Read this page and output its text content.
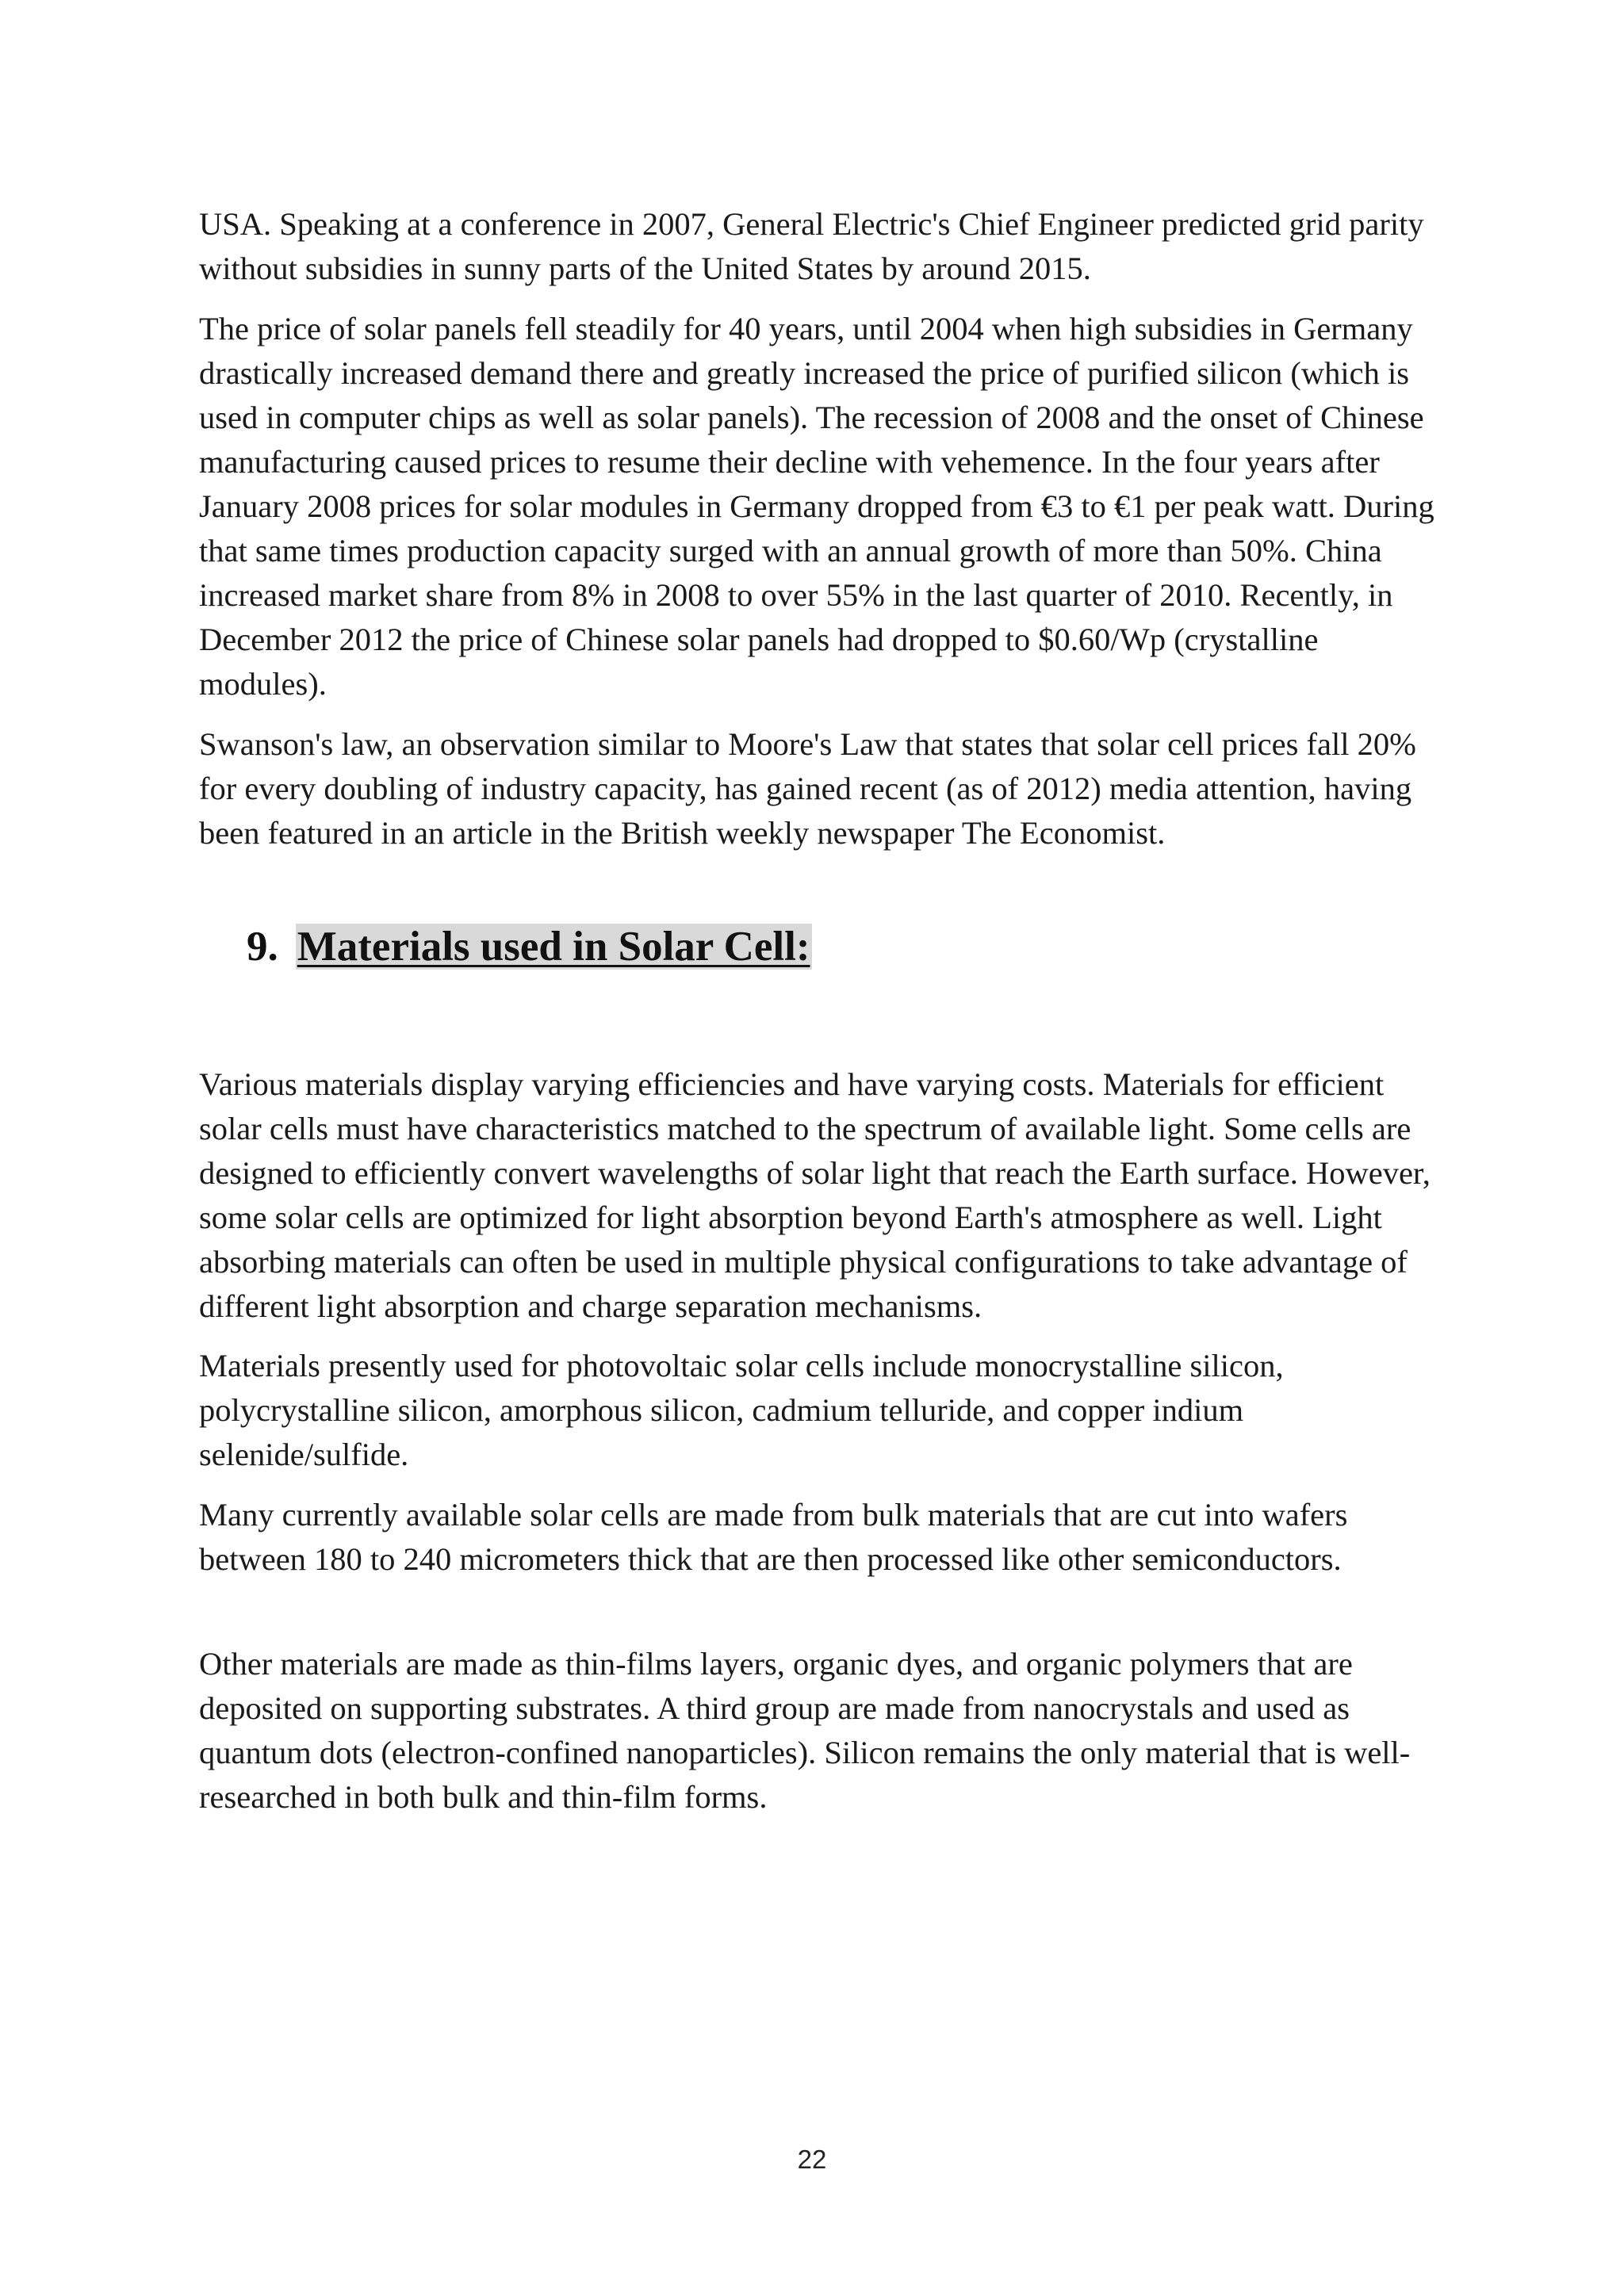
USA. Speaking at a conference in 2007, General Electric's Chief Engineer predicted grid parity without subsidies in sunny parts of the United States by around 2015.

The price of solar panels fell steadily for 40 years, until 2004 when high subsidies in Germany drastically increased demand there and greatly increased the price of purified silicon (which is used in computer chips as well as solar panels). The recession of 2008 and the onset of Chinese manufacturing caused prices to resume their decline with vehemence. In the four years after January 2008 prices for solar modules in Germany dropped from €3 to €1 per peak watt. During that same times production capacity surged with an annual growth of more than 50%. China increased market share from 8% in 2008 to over 55% in the last quarter of 2010. Recently, in December 2012 the price of Chinese solar panels had dropped to $0.60/Wp (crystalline modules).

Swanson's law, an observation similar to Moore's Law that states that solar cell prices fall 20% for every doubling of industry capacity, has gained recent (as of 2012) media attention, having been featured in an article in the British weekly newspaper The Economist.

9. Materials used in Solar Cell:

Various materials display varying efficiencies and have varying costs. Materials for efficient solar cells must have characteristics matched to the spectrum of available light. Some cells are designed to efficiently convert wavelengths of solar light that reach the Earth surface. However, some solar cells are optimized for light absorption beyond Earth's atmosphere as well. Light absorbing materials can often be used in multiple physical configurations to take advantage of different light absorption and charge separation mechanisms.

Materials presently used for photovoltaic solar cells include monocrystalline silicon, polycrystalline silicon, amorphous silicon, cadmium telluride, and copper indium selenide/sulfide.

Many currently available solar cells are made from bulk materials that are cut into wafers between 180 to 240 micrometers thick that are then processed like other semiconductors.

Other materials are made as thin-films layers, organic dyes, and organic polymers that are deposited on supporting substrates. A third group are made from nanocrystals and used as quantum dots (electron-confined nanoparticles). Silicon remains the only material that is well-researched in both bulk and thin-film forms.

22
